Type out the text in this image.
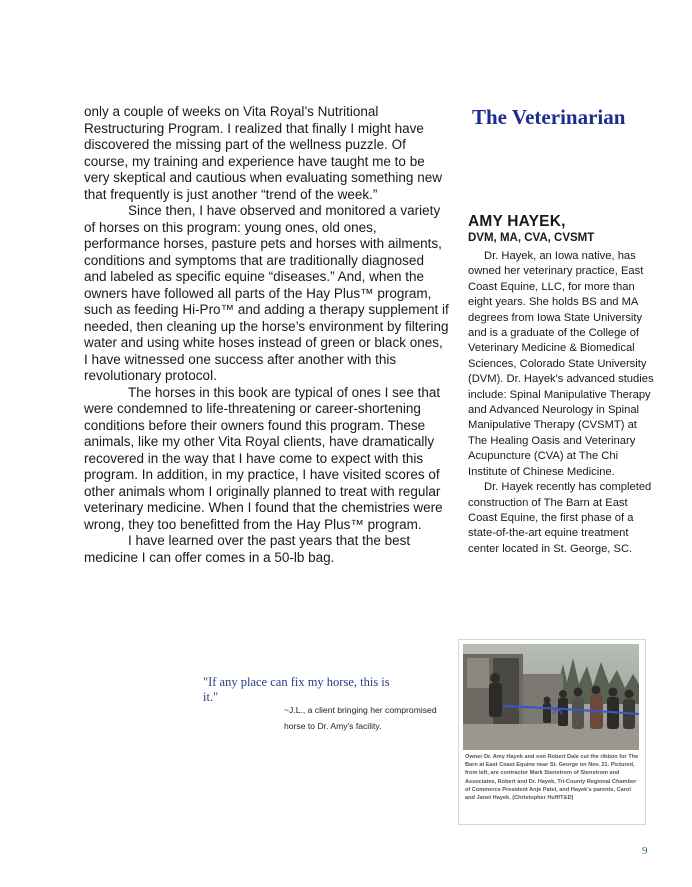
only a couple of weeks on Vita Royal’s Nutritional Restructuring Program. I realized that finally I might have discovered the missing part of the wellness puzzle. Of course, my training and experience have taught me to be very skeptical and cautious when evaluating something new that frequently is just another “trend of the week.”

Since then, I have observed and monitored a variety of horses on this program: young ones, old ones, performance horses, pasture pets and horses with ailments, conditions and symptoms that are traditionally diagnosed and labeled as specific equine “diseases.” And, when the owners have followed all parts of the Hay Plus™ program, such as feeding Hi-Pro™ and adding a therapy supplement if needed, then cleaning up the horse’s environment by filtering water and using white hoses instead of green or black ones, I have witnessed one success after another with this revolutionary protocol.

The horses in this book are typical of ones I see that were condemned to life-threatening or career-shortening conditions before their owners found this program. These animals, like my other Vita Royal clients, have dramatically recovered in the way that I have come to expect with this program. In addition, in my practice, I have visited scores of other animals whom I originally planned to treat with regular veterinary medicine. When I found that the chemistries were wrong, they too benefitted from the Hay Plus™ program.

I have learned over the past years that the best medicine I can offer comes in a 50-lb bag.

The Veterinarian

AMY HAYEK,

DVM, MA, CVA, CVSMT

Dr. Hayek, an Iowa native, has owned her veterinary practice, East Coast Equine, LLC, for more than eight years. She holds BS and MA degrees from Iowa State University and is a graduate of the College of Veterinary Medicine & Biomedical Sciences, Colorado State University (DVM). Dr. Hayek's advanced studies include: Spinal Manipulative Therapy and Advanced Neurology in Spinal Manipulative Therapy (CVSMT) at The Healing Oasis and Veterinary Acupuncture (CVA) at The Chi Institute of Chinese Medicine.

Dr. Hayek recently has completed construction of The Barn at East Coast Equine, the first phase of a state-of-the-art equine treatment center located in St. George, SC.

"If any place can fix my horse, this is it."
~J.L., a client bringing her compromised horse to Dr. Amy's facility.
Owner Dr. Amy Hayek and son Robert Dale cut the ribbon for The Barn at East Coast Equine near St. George on Nov. 21. Pictured, from left, are contractor Mark Stenstrom of Stenstrom and Associates, Robert and Dr. Hayek, Tri-County Regional Chamber of Commerce President Anje Patel, and Hayek's parents, Carol and Janet Hayek. (Christopher Huff/T&D)
9
